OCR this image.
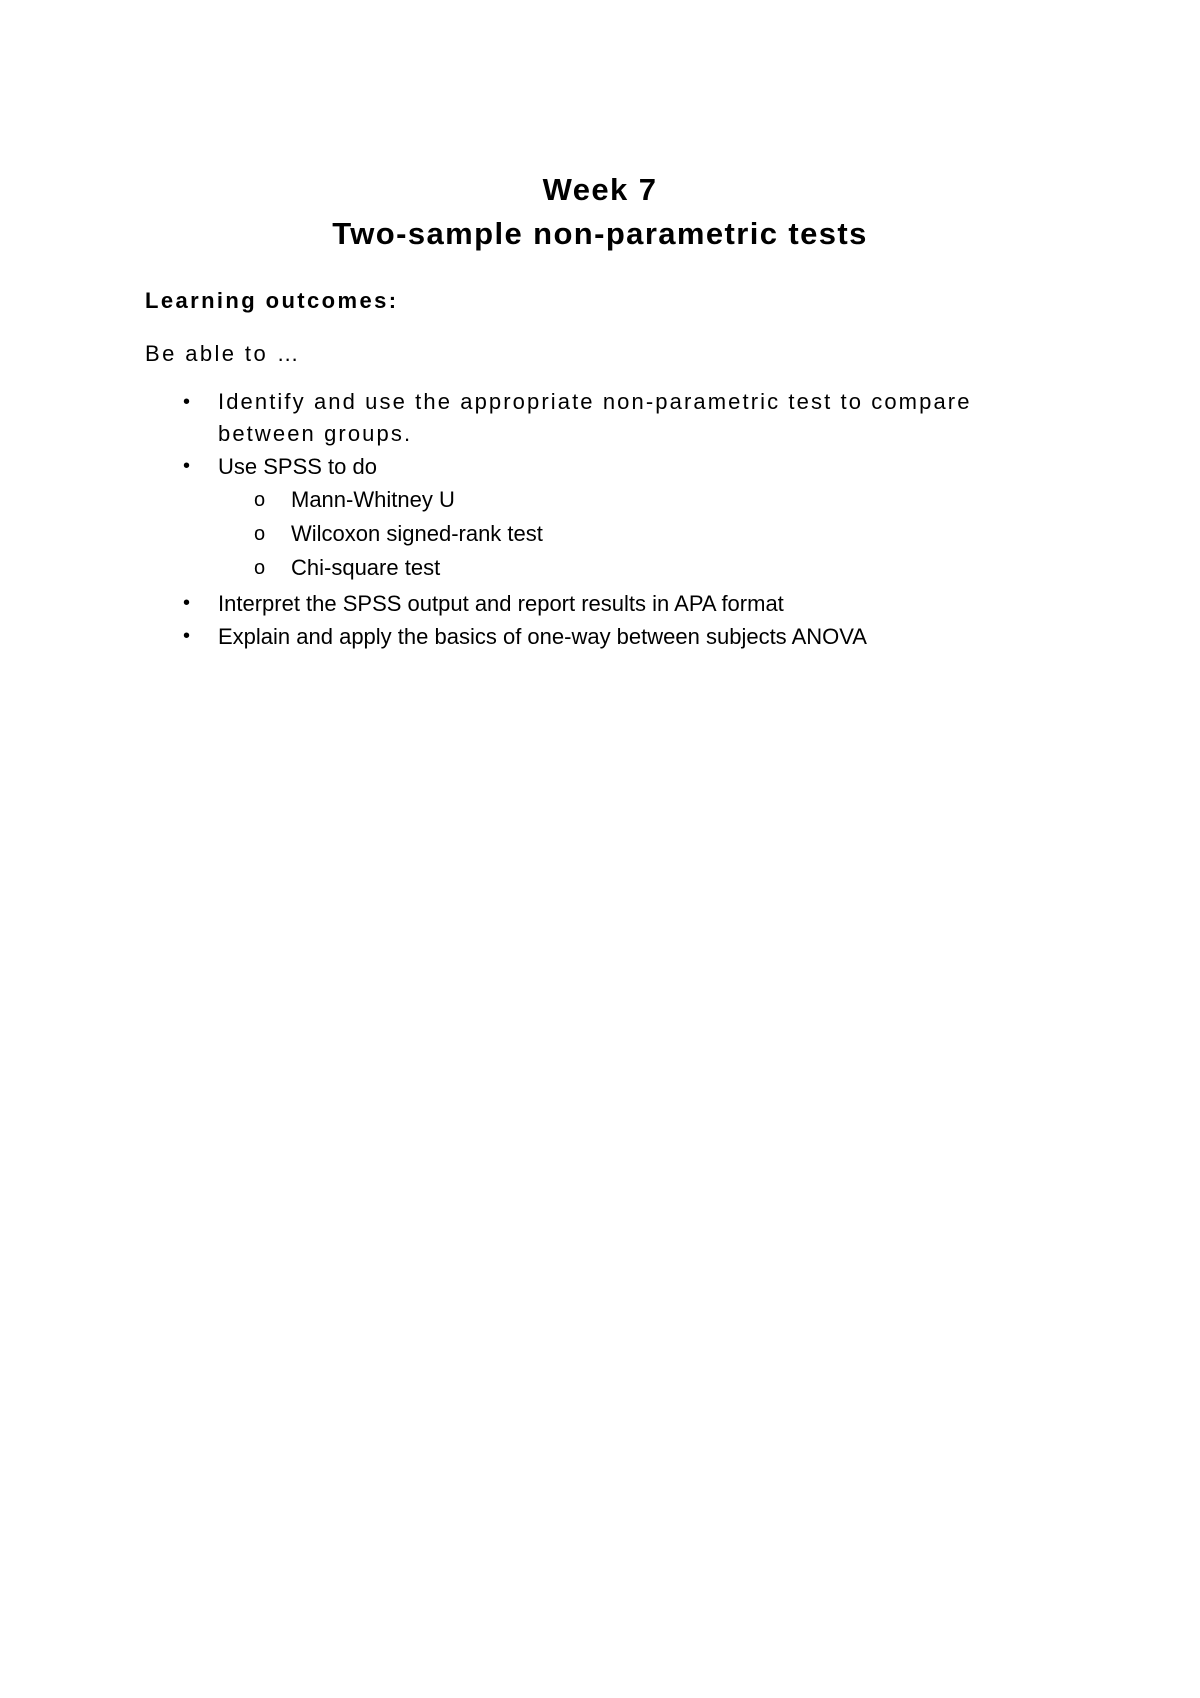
Week 7

Two-sample non-parametric tests

Learning outcomes:

Be able to …

• Identify and use the appropriate non-parametric test to compare between groups.
• Use SPSS to do
o Mann-Whitney U
o Wilcoxon signed-rank test
o Chi-square test
• Interpret the SPSS output and report results in APA format
• Explain and apply the basics of one-way between subjects ANOVA
